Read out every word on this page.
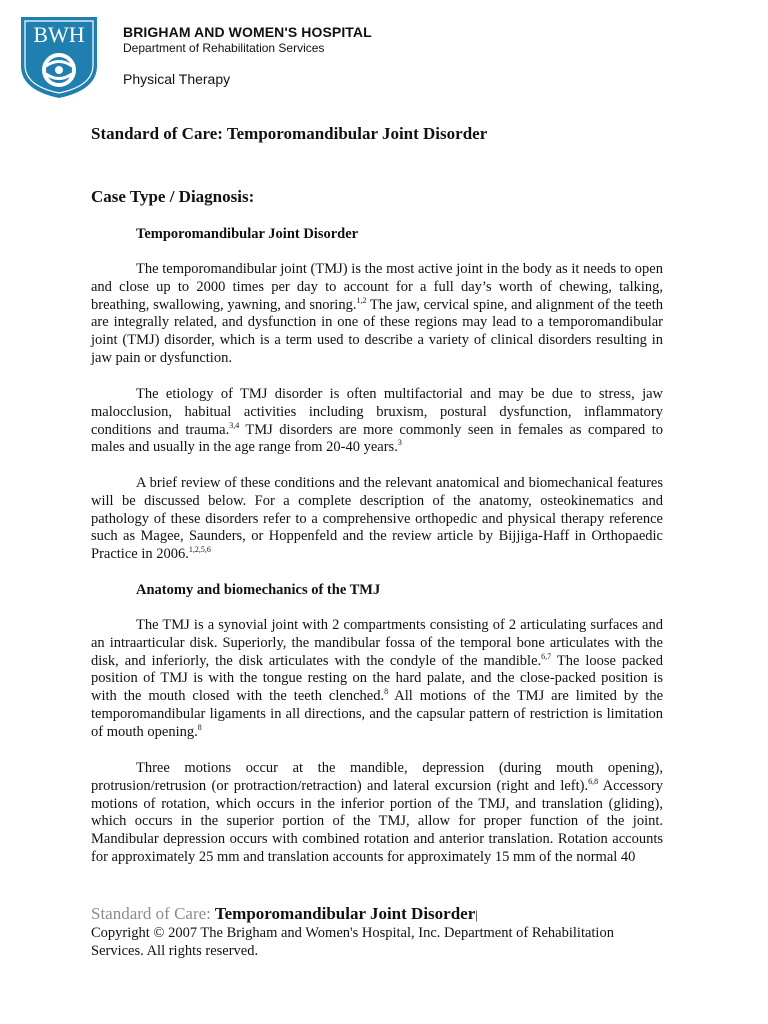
BWH	BRIGHAM AND WOMEN'S HOSPITAL
Department of Rehabilitation Services
Physical Therapy
Standard of Care: Temporomandibular Joint Disorder
Case Type / Diagnosis:
Temporomandibular Joint Disorder

The temporomandibular joint (TMJ) is the most active joint in the body as it needs to open and close up to 2000 times per day to account for a full day’s worth of chewing, talking, breathing, swallowing, yawning, and snoring.$^{1,2}$ The jaw, cervical spine, and alignment of the teeth are integrally related, and dysfunction in one of these regions may lead to a temporomandibular joint (TMJ) disorder, which is a term used to describe a variety of clinical disorders resulting in jaw pain or dysfunction.

The etiology of TMJ disorder is often multifactorial and may be due to stress, jaw malocclusion, habitual activities including bruxism, postural dysfunction, inflammatory conditions and trauma.$^{3,4}$ TMJ disorders are more commonly seen in females as compared to males and usually in the age range from 20-40 years.$^3$

A brief review of these conditions and the relevant anatomical and biomechanical features will be discussed below. For a complete description of the anatomy, osteokinematics and pathology of these disorders refer to a comprehensive orthopedic and physical therapy reference such as Magee, Saunders, or Hoppenfeld and the review article by Bijjiga-Haff in Orthopaedic Practice in 2006.$^{1,2,5,6}$

Anatomy and biomechanics of the TMJ

The TMJ is a synovial joint with 2 compartments consisting of 2 articulating surfaces and an intraarticular disk. Superiorly, the mandibular fossa of the temporal bone articulates with the disk, and inferiorly, the disk articulates with the condyle of the mandible.$^{6,7}$ The loose packed position of TMJ is with the tongue resting on the hard palate, and the close-packed position is with the mouth closed with the teeth clenched.$^8$ All motions of the TMJ are limited by the temporomandibular ligaments in all directions, and the capsular pattern of restriction is limitation of mouth opening.$^8$

Three motions occur at the mandible, depression (during mouth opening), protrusion/retrusion (or protraction/retraction) and lateral excursion (right and left).$^{6,8}$ Accessory motions of rotation, which occurs in the inferior portion of the TMJ, and translation (gliding), which occurs in the superior portion of the TMJ, allow for proper function of the joint. Mandibular depression occurs with combined rotation and anterior translation. Rotation accounts for approximately 25 mm and translation accounts for approximately 15 mm of the normal 40

Standard of Care: Temporomandibular Joint Disorder|
Copyright © 2007 The Brigham and Women's Hospital, Inc. Department of Rehabilitation Services. All rights reserved.
